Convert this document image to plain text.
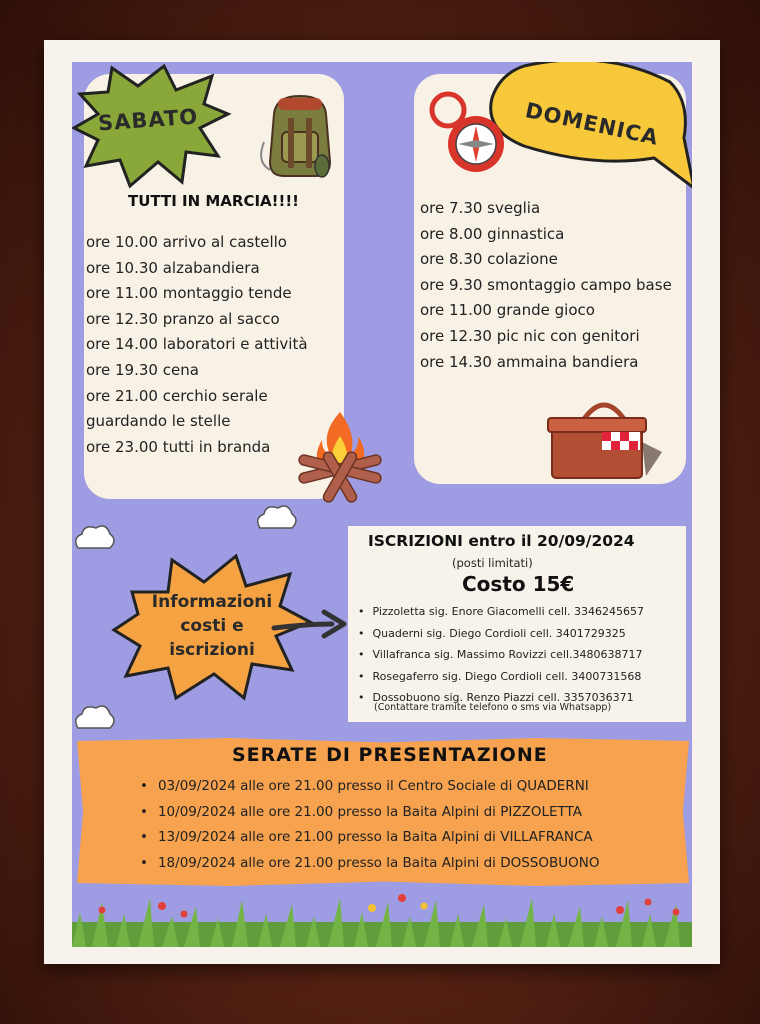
SABATO
TUTTI IN MARCIA!!!!
ore 10.00 arrivo al castello
ore 10.30 alzabandiera
ore 11.00 montaggio tende
ore 12.30 pranzo al sacco
ore 14.00 laboratori e attività
ore 19.30 cena
ore 21.00 cerchio serale
guardando le stelle
ore 23.00 tutti in branda
DOMENICA
ore 7.30 sveglia
ore 8.00 ginnastica
ore 8.30 colazione
ore 9.30 smontaggio campo base
ore 11.00 grande gioco
ore 12.30 pic nic con genitori
ore 14.30 ammaina bandiera
Informazioni
costi e
iscrizioni
ISCRIZIONI entro il 20/09/2024
(posti limitati)
Costo 15€
• Pizzoletta sig. Enore Giacomelli cell. 3346245657
• Quaderni sig. Diego Cordioli cell. 3401729325
• Villafranca sig. Massimo Rovizzi cell.3480638717
• Rosegaferro sig. Diego Cordioli cell. 3400731568
• Dossobuono sig. Renzo Piazzi cell. 3357036371
(Contattare tramite telefono o sms via Whatsapp)
SERATE DI PRESENTAZIONE
• 03/09/2024 alle ore 21.00 presso il Centro Sociale di QUADERNI
• 10/09/2024 alle ore 21.00 presso la Baita Alpini di PIZZOLETTA
• 13/09/2024 alle ore 21.00 presso la Baita Alpini di VILLAFRANCA
• 18/09/2024 alle ore 21.00 presso la Baita Alpini di DOSSOBUONO
